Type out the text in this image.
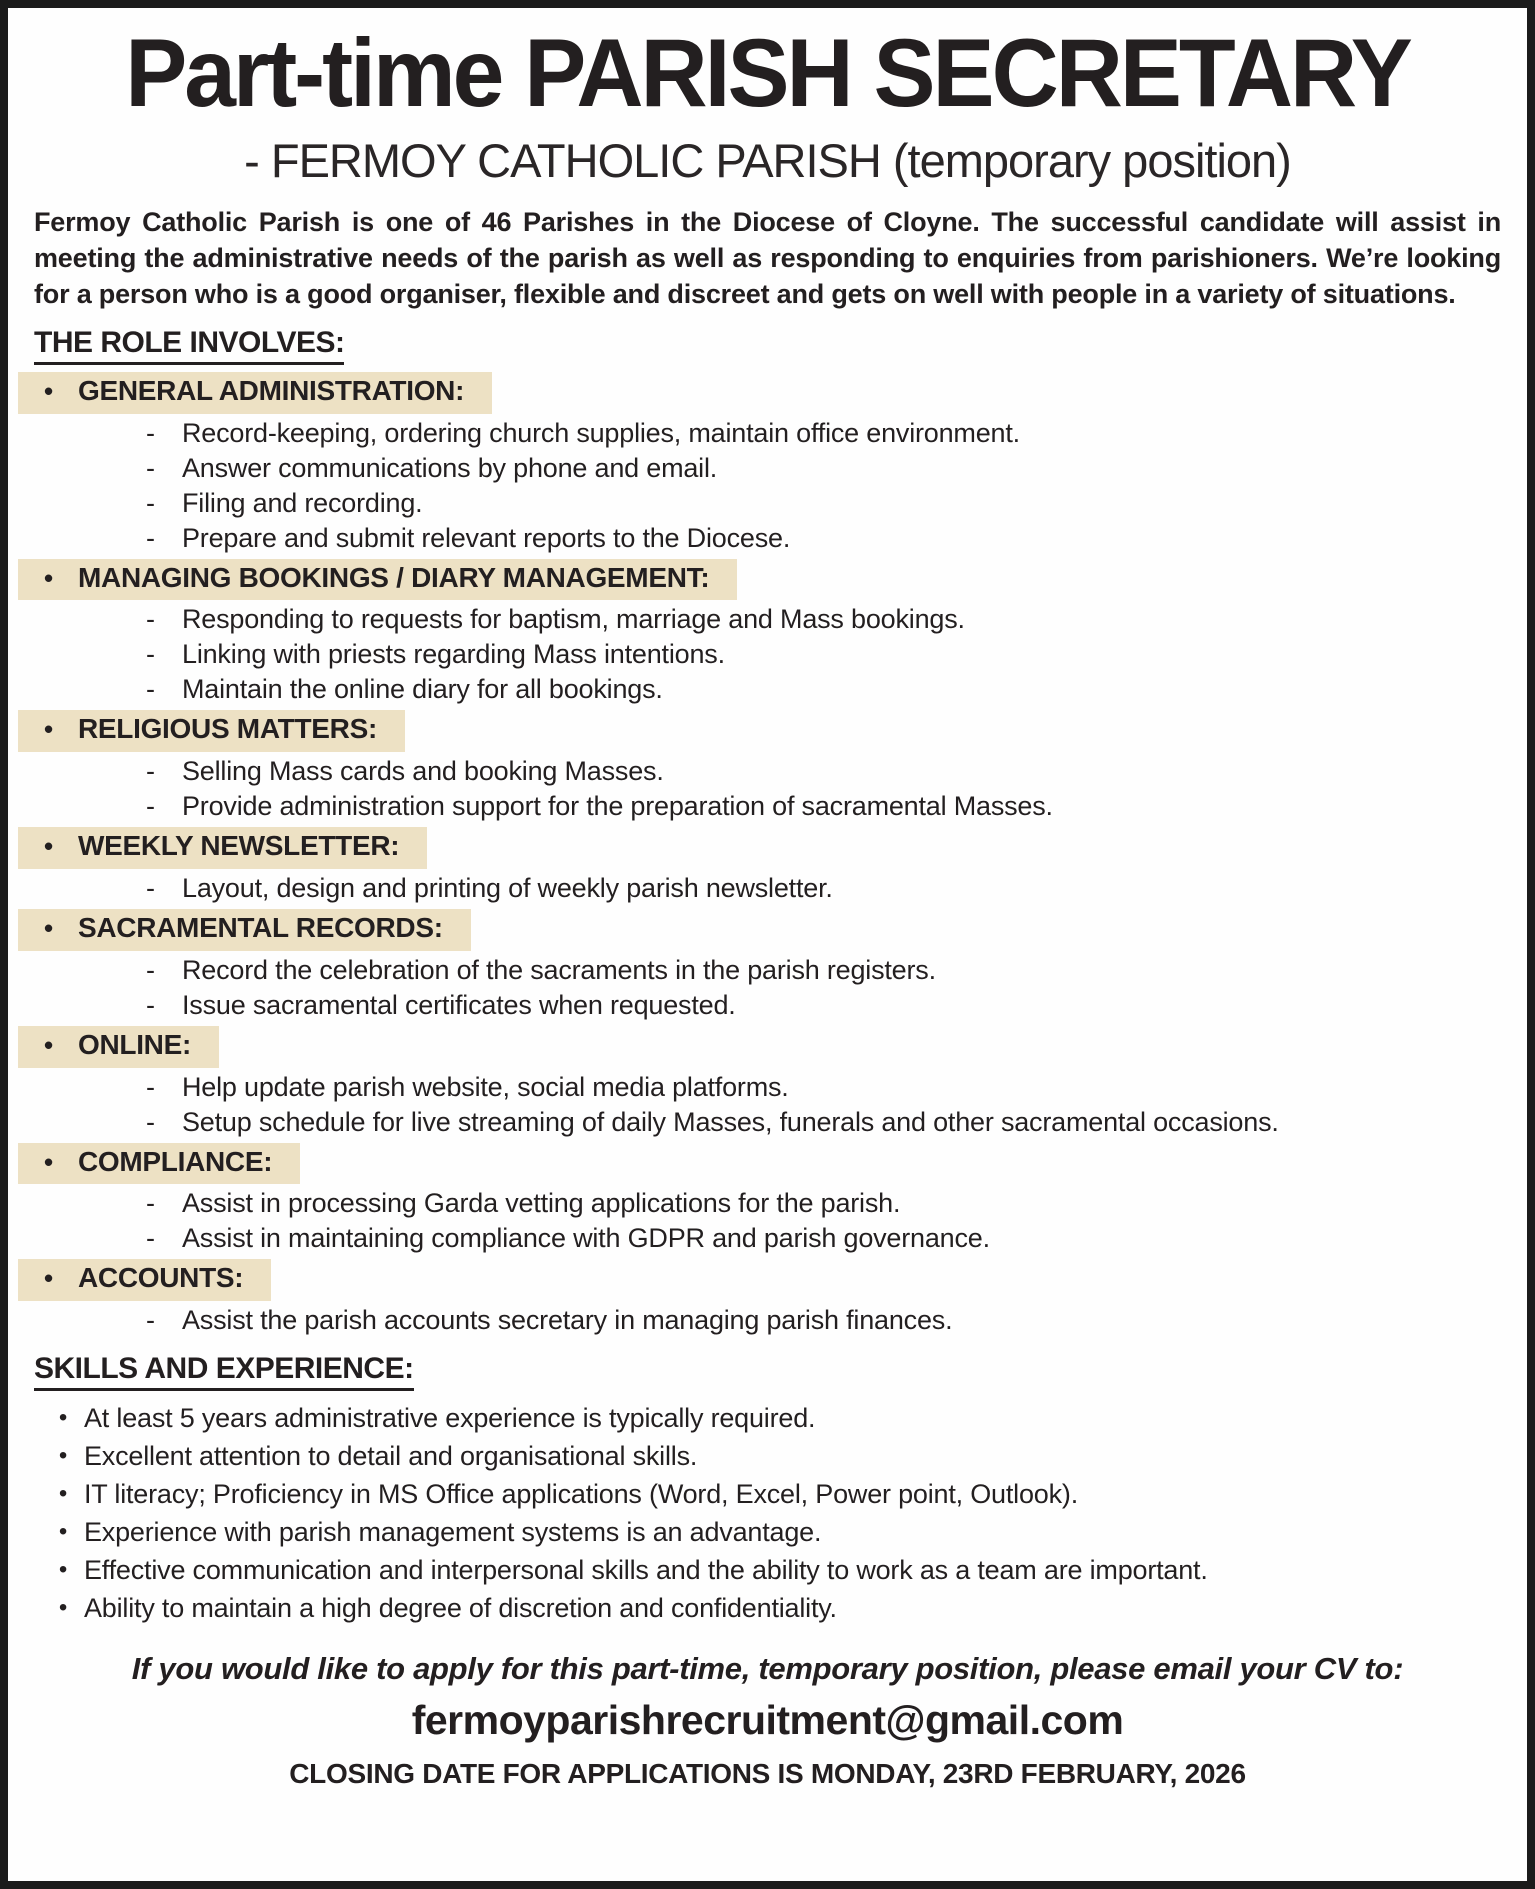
Part-time PARISH SECRETARY
- FERMOY CATHOLIC PARISH (temporary position)
Fermoy Catholic Parish is one of 46 Parishes in the Diocese of Cloyne. The successful candidate will assist in meeting the administrative needs of the parish as well as responding to enquiries from parishioners. We’re looking for a person who is a good organiser, flexible and discreet and gets on well with people in a variety of situations.
THE ROLE INVOLVES:
• GENERAL ADMINISTRATION:
-	Record-keeping, ordering church supplies, maintain office environment.
-	Answer communications by phone and email.
-	Filing and recording.
-	Prepare and submit relevant reports to the Diocese.
• MANAGING BOOKINGS / DIARY MANAGEMENT:
-	Responding to requests for baptism, marriage and Mass bookings.
-	Linking with priests regarding Mass intentions.
-	Maintain the online diary for all bookings.
• RELIGIOUS MATTERS:
-	Selling Mass cards and booking Masses.
-	Provide administration support for the preparation of sacramental Masses.
• WEEKLY NEWSLETTER:
-	Layout, design and printing of weekly parish newsletter.
• SACRAMENTAL RECORDS:
-	Record the celebration of the sacraments in the parish registers.
-	Issue sacramental certificates when requested.
• ONLINE:
-	Help update parish website, social media platforms.
-	Setup schedule for live streaming of daily Masses, funerals and other sacramental occasions.
• COMPLIANCE:
-	Assist in processing Garda vetting applications for the parish.
-	Assist in maintaining compliance with GDPR and parish governance.
• ACCOUNTS:
-	Assist the parish accounts secretary in managing parish finances.
SKILLS AND EXPERIENCE:
• At least 5 years administrative experience is typically required.
• Excellent attention to detail and organisational skills.
• IT literacy; Proficiency in MS Office applications (Word, Excel, Power point, Outlook).
• Experience with parish management systems is an advantage.
• Effective communication and interpersonal skills and the ability to work as a team are important.
• Ability to maintain a high degree of discretion and confidentiality.
If you would like to apply for this part-time, temporary position, please email your CV to:
fermoyparishrecruitment@gmail.com
CLOSING DATE FOR APPLICATIONS IS MONDAY, 23RD FEBRUARY, 2026
